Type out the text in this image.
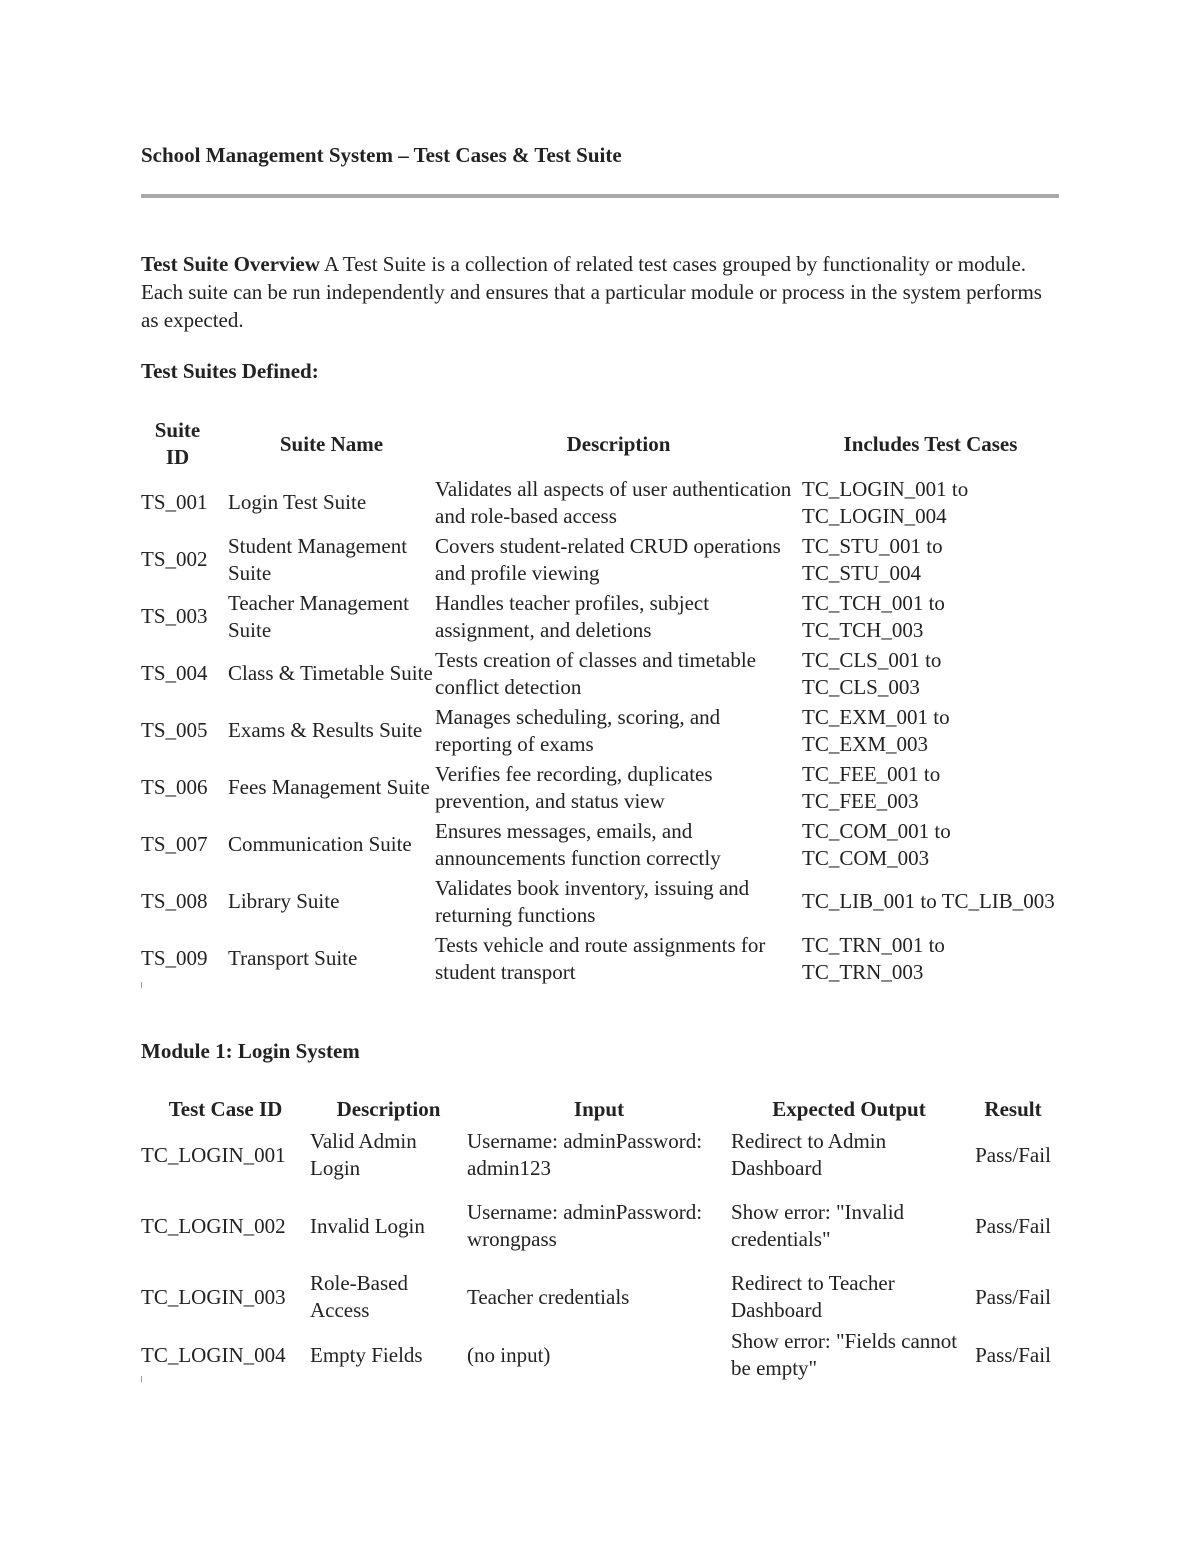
School Management System – Test Cases & Test Suite
Test Suite Overview A Test Suite is a collection of related test cases grouped by functionality or module. Each suite can be run independently and ensures that a particular module or process in the system performs as expected.
Test Suites Defined:
Suite ID	Suite Name	Description	Includes Test Cases
TS_001	Login Test Suite	Validates all aspects of user authentication and role-based access	TC_LOGIN_001 to TC_LOGIN_004
TS_002	Student Management Suite	Covers student-related CRUD operations and profile viewing	TC_STU_001 to TC_STU_004
TS_003	Teacher Management Suite	Handles teacher profiles, subject assignment, and deletions	TC_TCH_001 to TC_TCH_003
TS_004	Class & Timetable Suite	Tests creation of classes and timetable conflict detection	TC_CLS_001 to TC_CLS_003
TS_005	Exams & Results Suite	Manages scheduling, scoring, and reporting of exams	TC_EXM_001 to TC_EXM_003
TS_006	Fees Management Suite	Verifies fee recording, duplicates prevention, and status view	TC_FEE_001 to TC_FEE_003
TS_007	Communication Suite	Ensures messages, emails, and announcements function correctly	TC_COM_001 to TC_COM_003
TS_008	Library Suite	Validates book inventory, issuing and returning functions	TC_LIB_001 to TC_LIB_003
TS_009	Transport Suite	Tests vehicle and route assignments for student transport	TC_TRN_001 to TC_TRN_003
Module 1: Login System
Test Case ID	Description	Input	Expected Output	Result
TC_LOGIN_001	Valid Admin Login	Username: adminPassword: admin123	Redirect to Admin Dashboard	Pass/Fail
TC_LOGIN_002	Invalid Login	Username: adminPassword: wrongpass	Show error: "Invalid credentials"	Pass/Fail
TC_LOGIN_003	Role-Based Access	Teacher credentials	Redirect to Teacher Dashboard	Pass/Fail
TC_LOGIN_004	Empty Fields	(no input)	Show error: "Fields cannot be empty"	Pass/Fail
